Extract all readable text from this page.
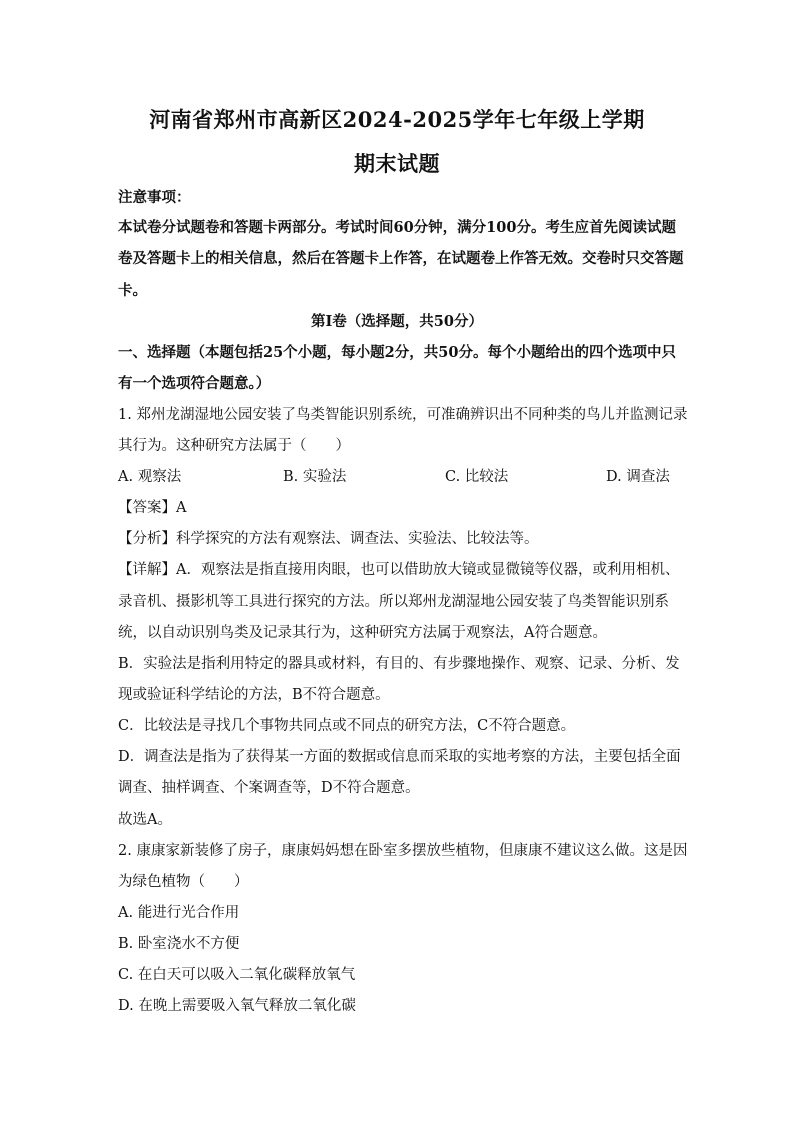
河南省郑州市高新区2024-2025学年七年级上学期
期末试题
注意事项：
本试卷分试题卷和答题卡两部分。考试时间60分钟，满分100分。考生应首先阅读试题
卷及答题卡上的相关信息，然后在答题卡上作答，在试题卷上作答无效。交卷时只交答题
卡。
第I卷（选择题，共50分）
一、选择题（本题包括25个小题，每小题2分，共50分。每个小题给出的四个选项中只
有一个选项符合题意。）
1. 郑州龙湖湿地公园安装了鸟类智能识别系统，可准确辨识出不同种类的鸟儿并监测记录
其行为。这种研究方法属于（　　）
A. 观察法	B. 实验法	C. 比较法	D. 调查法
【答案】A
【分析】科学探究的方法有观察法、调查法、实验法、比较法等。
【详解】A．观察法是指直接用肉眼，也可以借助放大镜或显微镜等仪器，或利用相机、
录音机、摄影机等工具进行探究的方法。所以郑州龙湖湿地公园安装了鸟类智能识别系
统，以自动识别鸟类及记录其行为，这种研究方法属于观察法，A符合题意。
B．实验法是指利用特定的器具或材料，有目的、有步骤地操作、观察、记录、分析、发
现或验证科学结论的方法，B不符合题意。
C．比较法是寻找几个事物共同点或不同点的研究方法，C不符合题意。
D．调查法是指为了获得某一方面的数据或信息而采取的实地考察的方法，主要包括全面
调查、抽样调查、个案调查等，D不符合题意。
故选A。
2. 康康家新装修了房子，康康妈妈想在卧室多摆放些植物，但康康不建议这么做。这是因
为绿色植物（　　）
A. 能进行光合作用
B. 卧室浇水不方便
C. 在白天可以吸入二氧化碳释放氧气
D. 在晚上需要吸入氧气释放二氧化碳
